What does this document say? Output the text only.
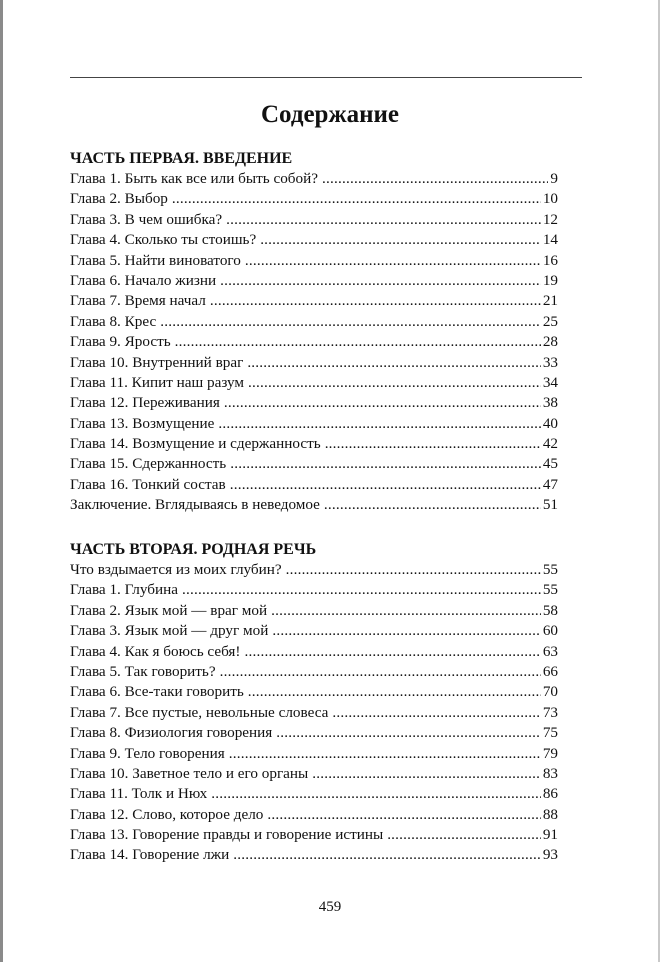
Содержание
ЧАСТЬ ПЕРВАЯ. ВВЕДЕНИЕ
Глава 1. Быть как все или быть собой? .....	9
Глава 2. Выбор .....	10
Глава 3. В чем ошибка? .....	12
Глава 4. Сколько ты стоишь? .....	14
Глава 5. Найти виноватого .....	16
Глава 6. Начало жизни .....	19
Глава 7. Время начал .....	21
Глава 8. Крес .....	25
Глава 9. Ярость .....	28
Глава 10. Внутренний враг .....	33
Глава 11. Кипит наш разум .....	34
Глава 12. Переживания .....	38
Глава 13. Возмущение .....	40
Глава 14. Возмущение и сдержанность .....	42
Глава 15. Сдержанность .....	45
Глава 16. Тонкий состав .....	47
Заключение. Вглядываясь в неведомое .....	51
ЧАСТЬ ВТОРАЯ. РОДНАЯ РЕЧЬ
Что вздымается из моих глубин? .....	55
Глава 1. Глубина .....	55
Глава 2. Язык мой — враг мой .....	58
Глава 3. Язык мой — друг мой .....	60
Глава 4. Как я боюсь себя! .....	63
Глава 5. Так говорить? .....	66
Глава 6. Все-таки говорить .....	70
Глава 7. Все пустые, невольные словеса .....	73
Глава 8. Физиология говорения .....	75
Глава 9. Тело говорения .....	79
Глава 10. Заветное тело и его органы .....	83
Глава 11. Толк и Нюх .....	86
Глава 12. Слово, которое дело .....	88
Глава 13. Говорение правды и говорение истины .....	91
Глава 14. Говорение лжи .....	93
459
